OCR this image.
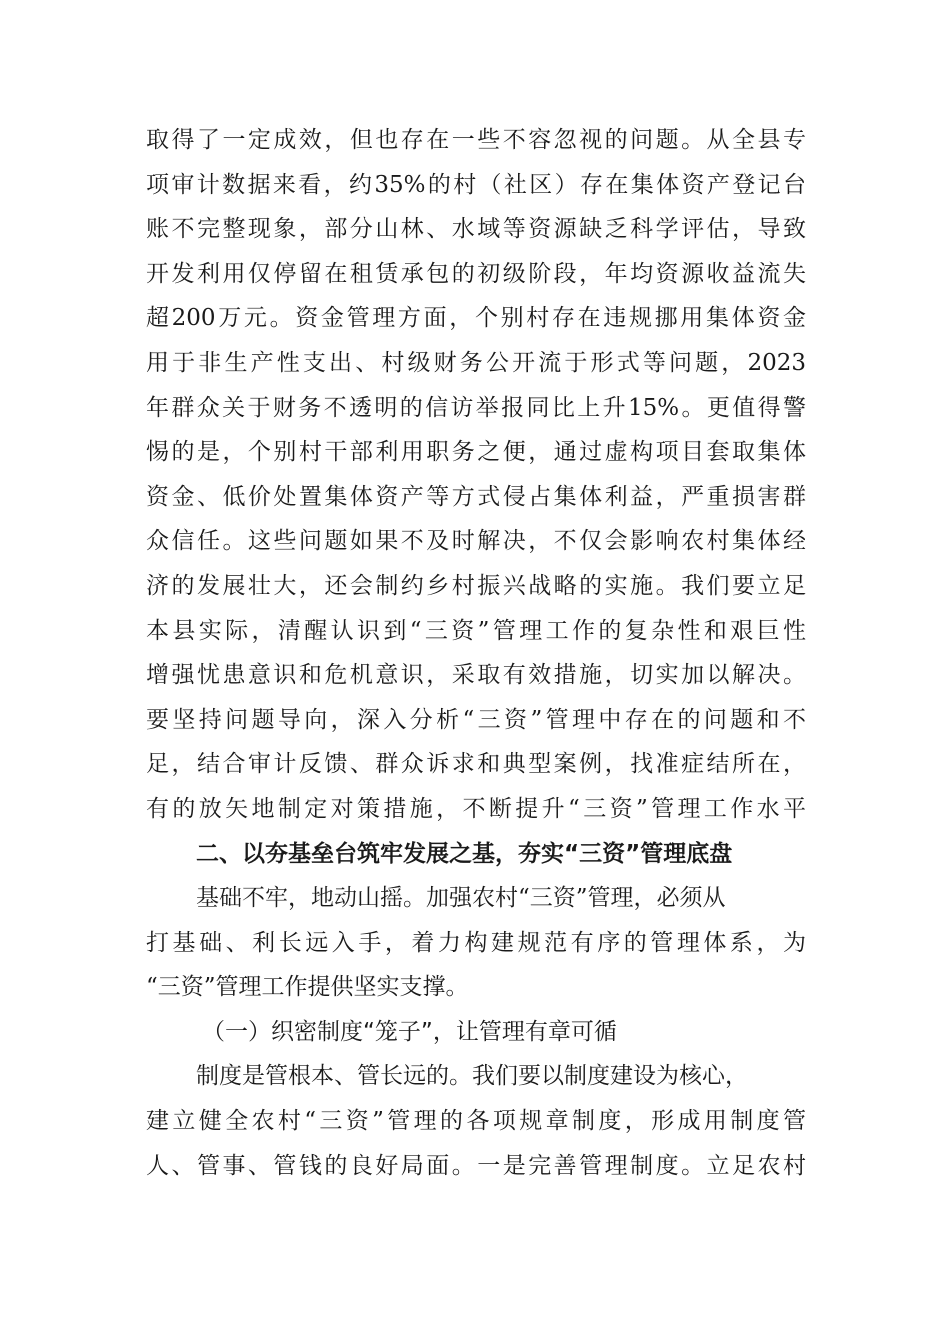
取得了一定成效，但也存在一些不容忽视的问题。从全县专
项审计数据来看，约35%的村（社区）存在集体资产登记台
账不完整现象，部分山林、水域等资源缺乏科学评估，导致
开发利用仅停留在租赁承包的初级阶段，年均资源收益流失
超200万元。资金管理方面，个别村存在违规挪用集体资金
用于非生产性支出、村级财务公开流于形式等问题，2023
年群众关于财务不透明的信访举报同比上升15%。更值得警
惕的是，个别村干部利用职务之便，通过虚构项目套取集体
资金、低价处置集体资产等方式侵占集体利益，严重损害群
众信任。这些问题如果不及时解决，不仅会影响农村集体经
济的发展壮大，还会制约乡村振兴战略的实施。我们要立足
本县实际，清醒认识到“三资”管理工作的复杂性和艰巨性
增强忧患意识和危机意识，采取有效措施，切实加以解决。
要坚持问题导向，深入分析“三资”管理中存在的问题和不
足，结合审计反馈、群众诉求和典型案例，找准症结所在，
有的放矢地制定对策措施，不断提升“三资”管理工作水平
二、以夯基垒台筑牢发展之基，夯实“三资”管理底盘
基础不牢，地动山摇。加强农村“三资”管理，必须从
打基础、利长远入手，着力构建规范有序的管理体系，为
“三资”管理工作提供坚实支撑。
（一）织密制度“笼子”，让管理有章可循
制度是管根本、管长远的。我们要以制度建设为核心，
建立健全农村“三资”管理的各项规章制度，形成用制度管
人、管事、管钱的良好局面。一是完善管理制度。立足农村
